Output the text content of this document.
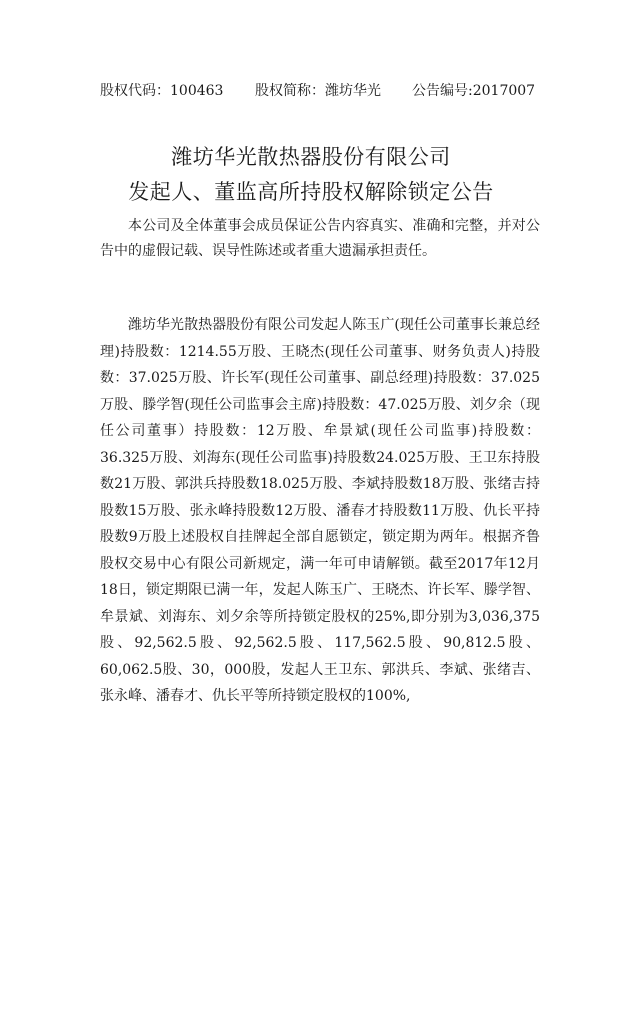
股权代码：100463 股权简称：潍坊华光 公告编号:2017007
潍坊华光散热器股份有限公司
发起人、董监高所持股权解除锁定公告

本公司及全体董事会成员保证公告内容真实、准确和完整，并对公告中的虚假记载、误导性陈述或者重大遗漏承担责任。

潍坊华光散热器股份有限公司发起人陈玉广(现任公司董事长兼总经理)持股数：1214.55万股、王晓杰(现任公司董事、财务负责人)持股数：37.025万股、许长军(现任公司董事、副总经理)持股数：37.025万股、滕学智(现任公司监事会主席)持股数：47.025万股、刘夕余（现任公司董事）持股数：12万股、牟景斌(现任公司监事)持股数：36.325万股、刘海东(现任公司监事)持股数24.025万股、王卫东持股数21万股、郭洪兵持股数18.025万股、李斌持股数18万股、张绪吉持股数15万股、张永峰持股数12万股、潘春才持股数11万股、仇长平持股数9万股上述股权自挂牌起全部自愿锁定，锁定期为两年。根据齐鲁股权交易中心有限公司新规定，满一年可申请解锁。截至2017年12月18日，锁定期限已满一年，发起人陈玉广、王晓杰、许长军、滕学智、牟景斌、刘海东、刘夕余等所持锁定股权的25%,即分别为3,036,375股、92,562.5股、92,562.5股、117,562.5股、90,812.5股、60,062.5股、30，000股，发起人王卫东、郭洪兵、李斌、张绪吉、张永峰、潘春才、仇长平等所持锁定股权的100%,
